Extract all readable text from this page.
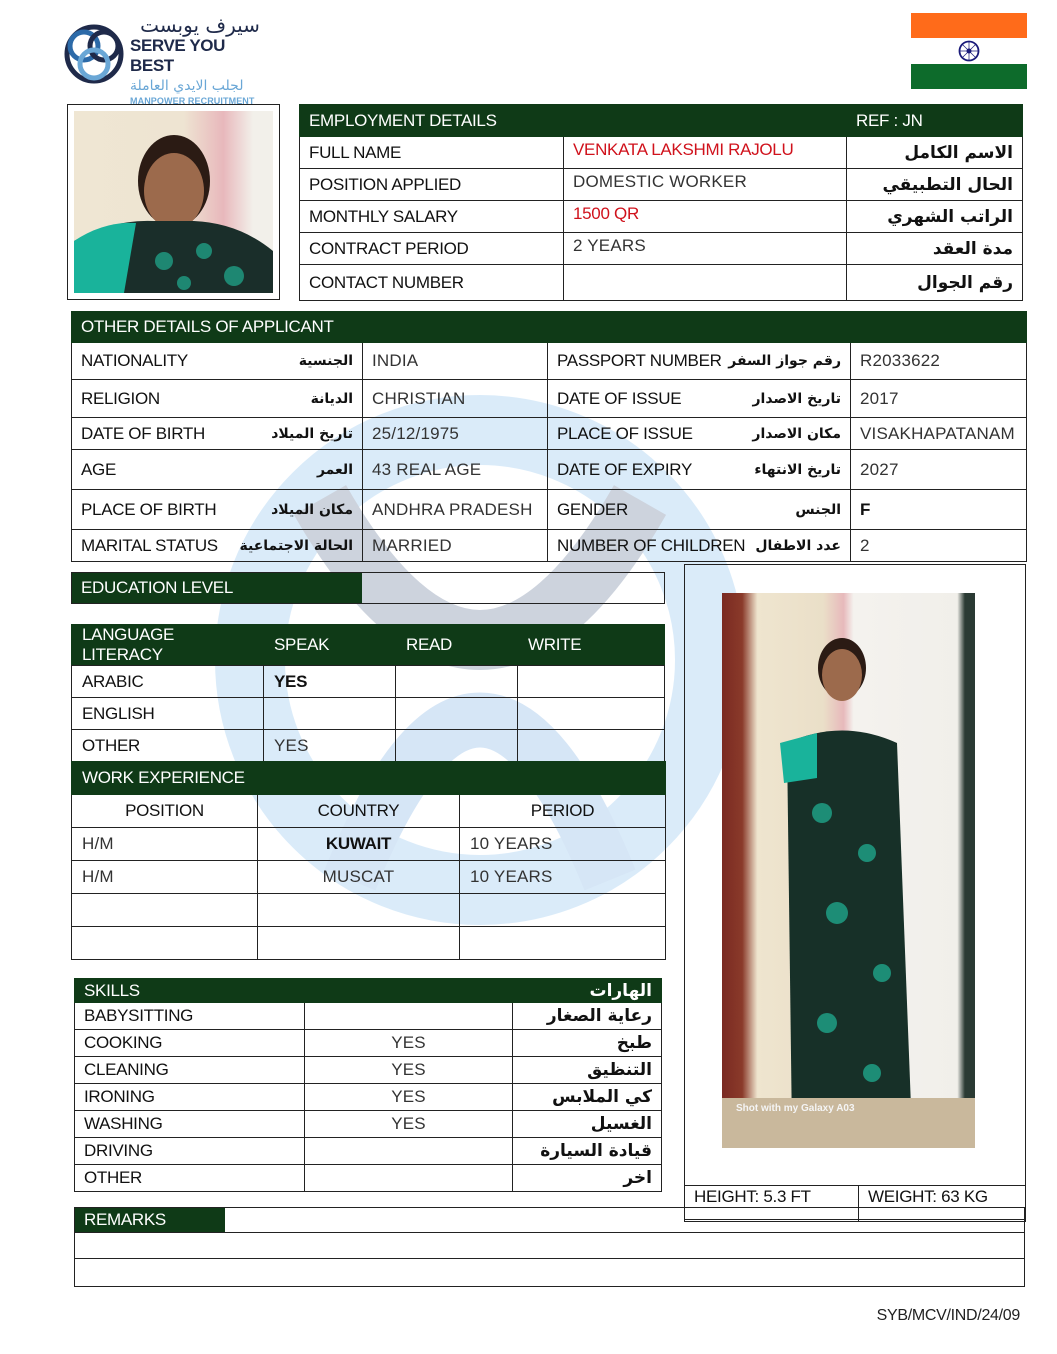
سيرف يوبست
SERVE YOU BEST
لجلب الايدي العاملة
MANPOWER RECRUITMENT
EMPLOYMENT DETAILS		REF : JN
FULL NAME	VENKATA LAKSHMI RAJOLU	الاسم الكامل
POSITION APPLIED	DOMESTIC WORKER	الحال التطبيقي
MONTHLY SALARY	1500 QR	الراتب الشهري
CONTRACT PERIOD	2 YEARS	مدة العقد
CONTACT NUMBER		رقم الجوال
OTHER DETAILS OF APPLICANT			

NATIONALITY الجنسية	INDIA	PASSPORT NUMBER رقم جواز السفر	R2033622

RELIGION الديانة	CHRISTIAN	DATE OF ISSUE تاريخ الاصدار	2017

DATE OF BIRTH تاريخ الميلاد	25/12/1975	PLACE OF ISSUE مكان الاصدار	VISAKHAPATANAM

AGE العمر	43 REAL AGE	DATE OF EXPIRY تاريخ الانتهاء	2027

PLACE OF BIRTH مكان الميلاد	ANDHRA PRADESH	GENDER الجنس	F

MARITAL STATUS الحالة الاجتماعية	MARRIED	NUMBER OF CHILDREN عدد الاطفال	2
EDUCATION LEVEL
LANGUAGE LITERACY	SPEAK	READ	WRITE
ARABIC	YES		
ENGLISH			
OTHER	YES		
WORK EXPERIENCE		
POSITION	COUNTRY	PERIOD
H/M	KUWAIT	10 YEARS
H/M	MUSCAT	10 YEARS

SKILLS		الهارات
BABYSITTING		رعاية الصغار
COOKING	YES	طبخ
CLEANING	YES	التنظيق
IRONING	YES	كي الملابس
WASHING	YES	الغسيل
DRIVING		قيادة السيارة
OTHER		اخر
Shot with my Galaxy A03
HEIGHT: 5.3 FT	WEIGHT: 63 KG

REMARKS
SYB/MCV/IND/24/09
